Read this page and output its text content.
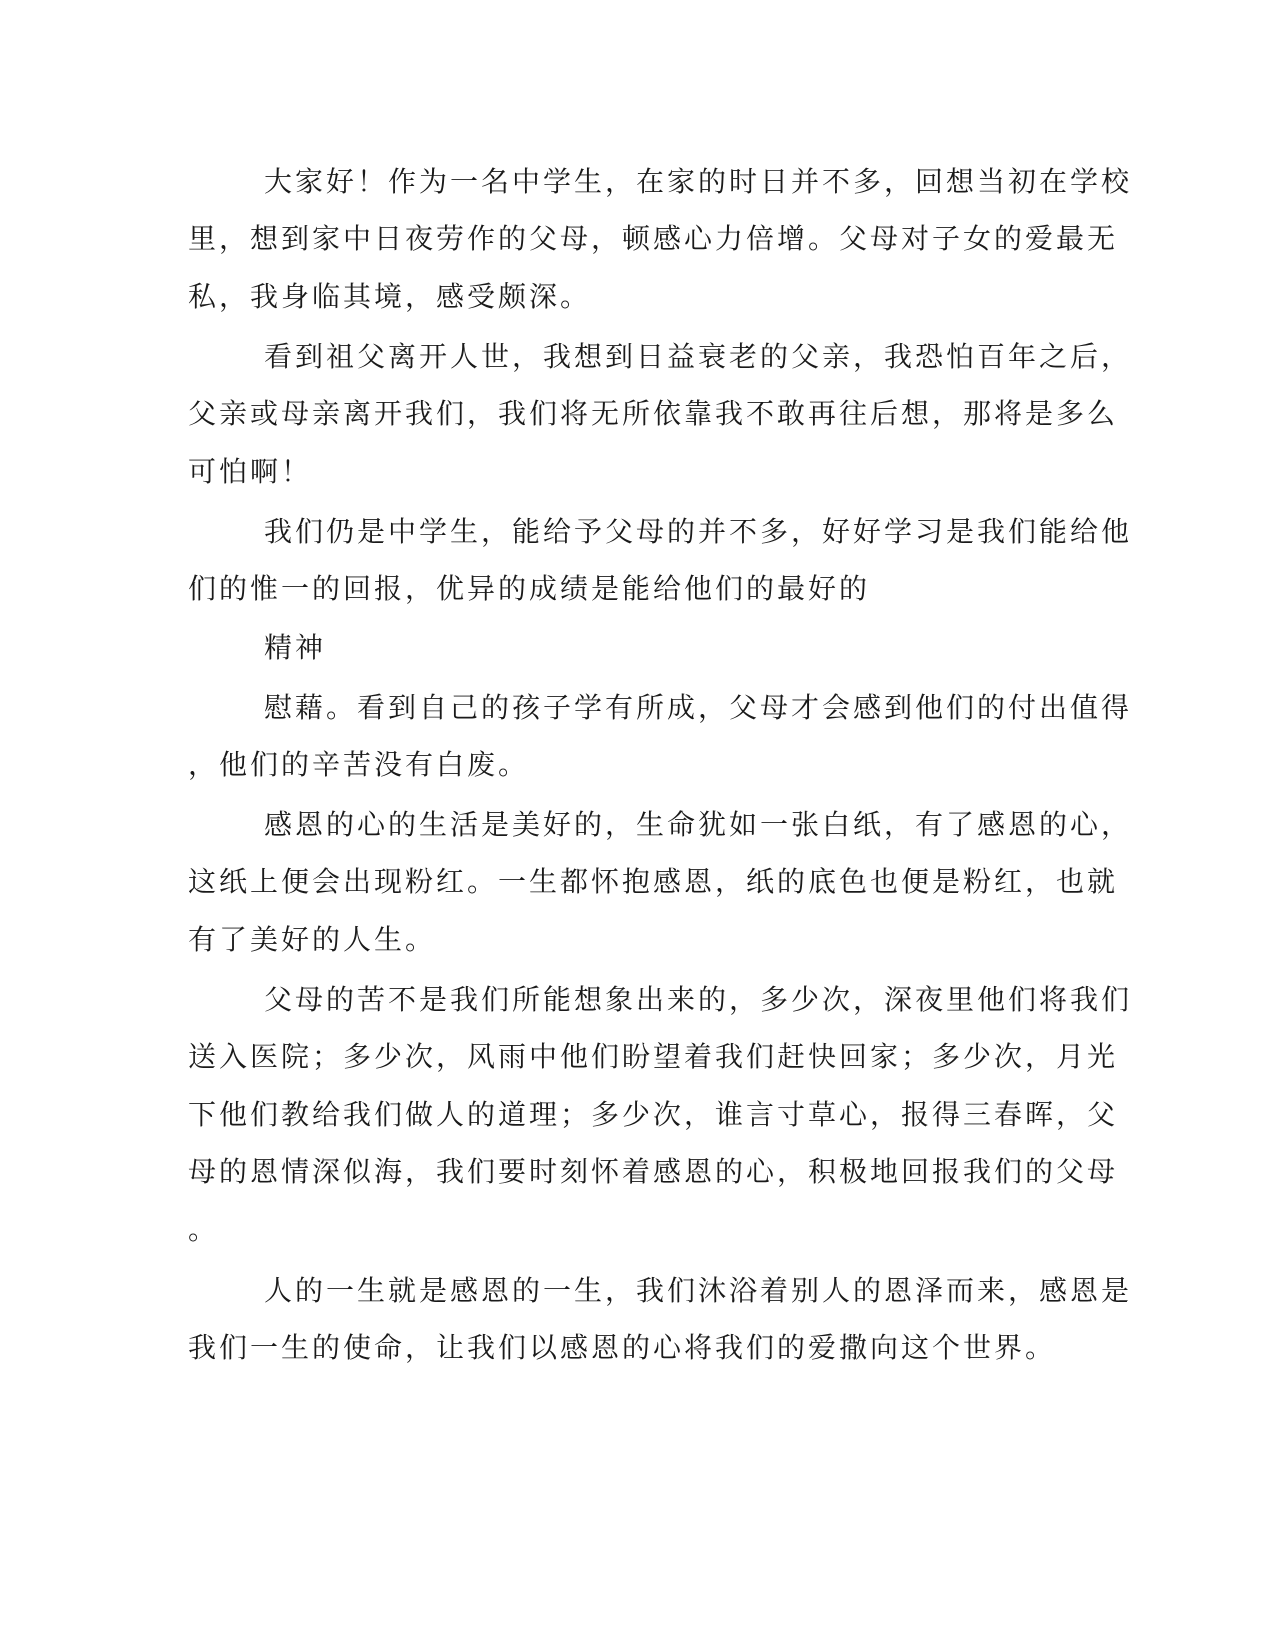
大家好！作为一名中学生，在家的时日并不多，回想当初在学校
里，想到家中日夜劳作的父母，顿感心力倍增。父母对子女的爱最无
私，我身临其境，感受颇深。
看到祖父离开人世，我想到日益衰老的父亲，我恐怕百年之后，
父亲或母亲离开我们，我们将无所依靠我不敢再往后想，那将是多么
可怕啊！
我们仍是中学生，能给予父母的并不多，好好学习是我们能给他
们的惟一的回报，优异的成绩是能给他们的最好的
精神
慰藉。看到自己的孩子学有所成，父母才会感到他们的付出值得
，他们的辛苦没有白废。
感恩的心的生活是美好的，生命犹如一张白纸，有了感恩的心，
这纸上便会出现粉红。一生都怀抱感恩，纸的底色也便是粉红，也就
有了美好的人生。
父母的苦不是我们所能想象出来的，多少次，深夜里他们将我们
送入医院；多少次，风雨中他们盼望着我们赶快回家；多少次，月光
下他们教给我们做人的道理；多少次，谁言寸草心，报得三春晖，父
母的恩情深似海，我们要时刻怀着感恩的心，积极地回报我们的父母
。
人的一生就是感恩的一生，我们沐浴着别人的恩泽而来，感恩是
我们一生的使命，让我们以感恩的心将我们的爱撒向这个世界。
